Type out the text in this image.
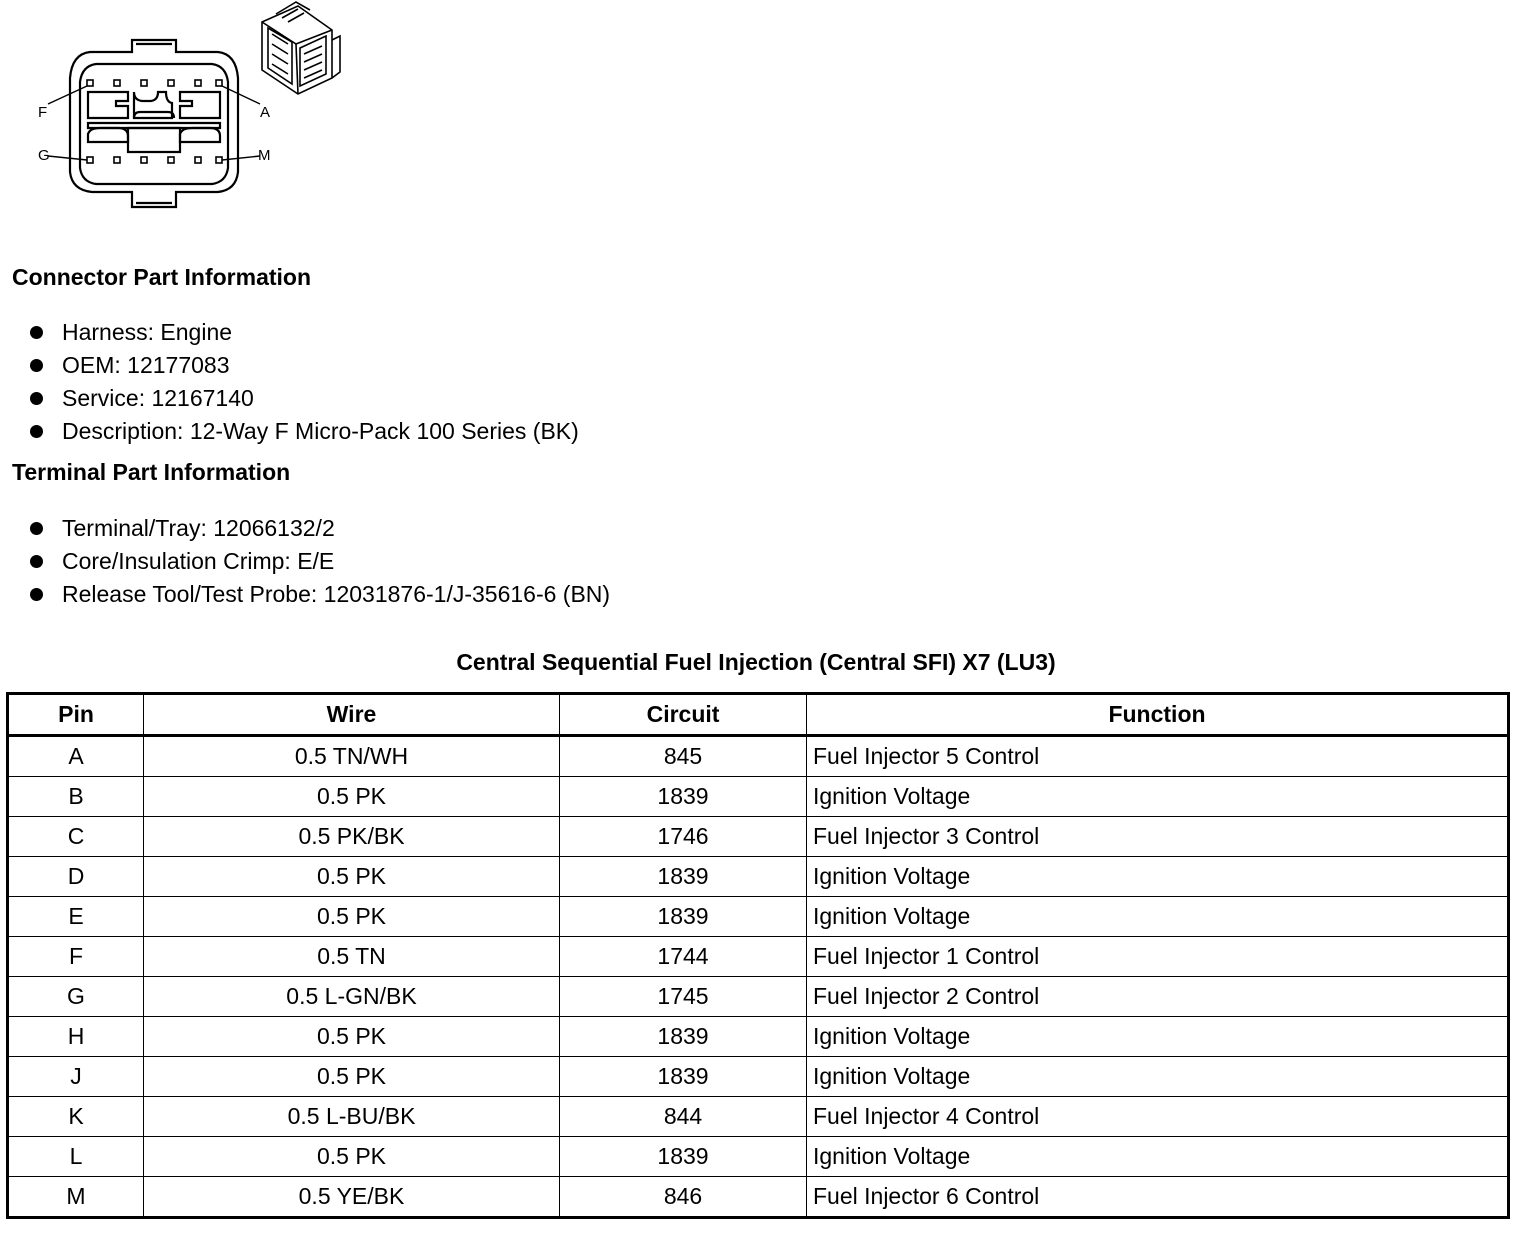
F	A
G	M
Connector Part Information
Harness: Engine
OEM: 12177083
Service: 12167140
Description: 12-Way F Micro-Pack 100 Series (BK)
Terminal Part Information
Terminal/Tray: 12066132/2
Core/Insulation Crimp: E/E
Release Tool/Test Probe: 12031876-1/J-35616-6 (BN)
Central Sequential Fuel Injection (Central SFI) X7 (LU3)
Pin	Wire	Circuit	Function
A	0.5 TN/WH	845	Fuel Injector 5 Control
B	0.5 PK	1839	Ignition Voltage
C	0.5 PK/BK	1746	Fuel Injector 3 Control
D	0.5 PK	1839	Ignition Voltage
E	0.5 PK	1839	Ignition Voltage
F	0.5 TN	1744	Fuel Injector 1 Control
G	0.5 L-GN/BK	1745	Fuel Injector 2 Control
H	0.5 PK	1839	Ignition Voltage
J	0.5 PK	1839	Ignition Voltage
K	0.5 L-BU/BK	844	Fuel Injector 4 Control
L	0.5 PK	1839	Ignition Voltage
M	0.5 YE/BK	846	Fuel Injector 6 Control
